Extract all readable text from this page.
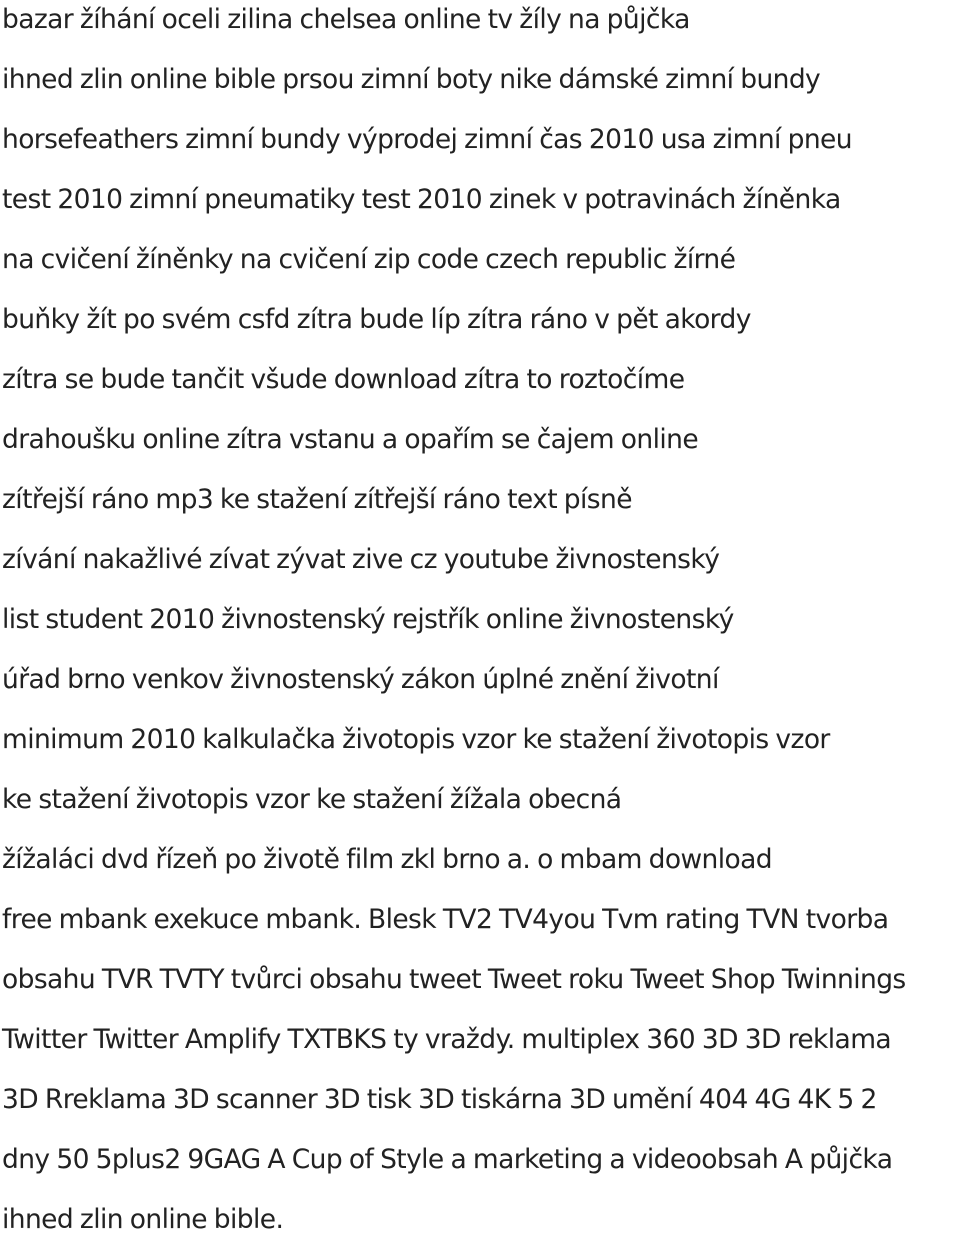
bazar žíhání oceli zilina chelsea online tv žíly na půjčka

ihned zlin online bible prsou zimní boty nike dámské zimní bundy

horsefeathers zimní bundy výprodej zimní čas 2010 usa zimní pneu

test 2010 zimní pneumatiky test 2010 zinek v potravinách žíněnka

na cvičení žíněnky na cvičení zip code czech republic žírné

buňky žít po svém csfd zítra bude líp zítra ráno v pět akordy

zítra se bude tančit všude download zítra to roztočíme

drahoušku online zítra vstanu a opařím se čajem online

zítřejší ráno mp3 ke stažení zítřejší ráno text písně

zívání nakažlivé zívat zývat zive cz youtube živnostenský

list student 2010 živnostenský rejstřík online živnostenský

úřad brno venkov živnostenský zákon úplné znění životní

minimum 2010 kalkulačka životopis vzor ke stažení životopis vzor

ke stažení životopis vzor ke stažení žížala obecná

žížaláci dvd řízeň po životě film zkl brno a. o mbam download

free mbank exekuce mbank. Blesk TV2 TV4you Tvm rating TVN tvorba

obsahu TVR TVTY tvůrci obsahu tweet Tweet roku Tweet Shop Twinnings

Twitter Twitter Amplify TXTBKS ty vraždy. multiplex 360 3D 3D reklama

3D Rreklama 3D scanner 3D tisk 3D tiskárna 3D umění 404 4G 4K 5 2

dny 50 5plus2 9GAG A Cup of Style a marketing a videoobsah A půjčka

ihned zlin online bible.
